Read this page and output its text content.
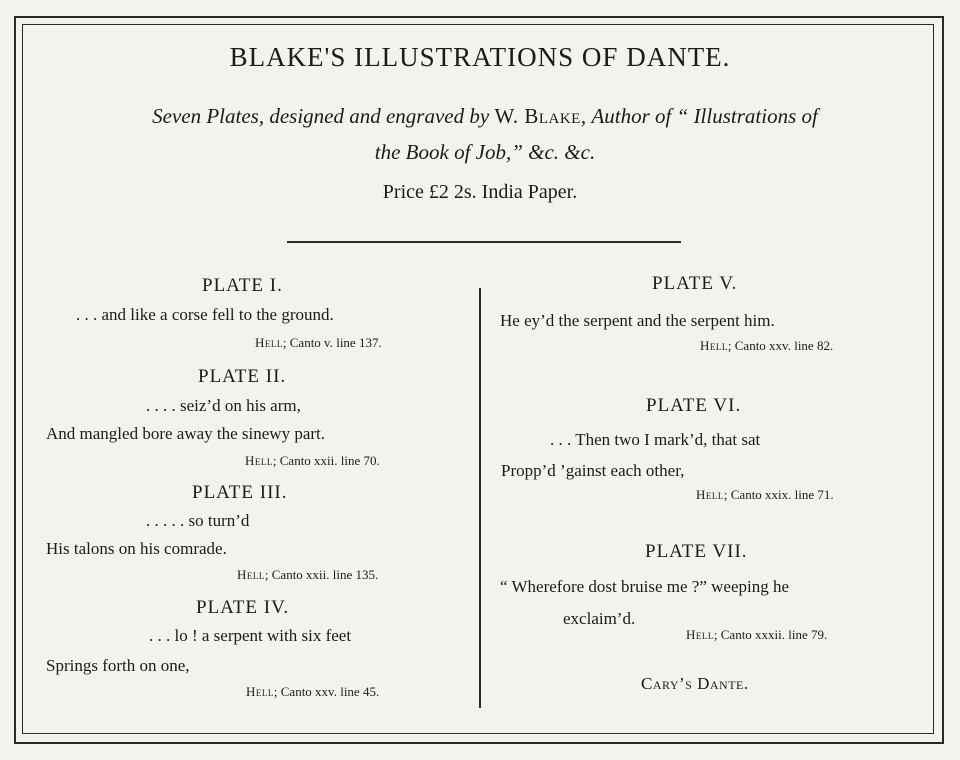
BLAKE'S ILLUSTRATIONS OF DANTE.
Seven Plates, designed and engraved by W. Blake, Author of “ Illustrations of
the Book of Job,” &c. &c.
Price £2 2s. India Paper.
PLATE I.
. . . and like a corse fell to the ground.
Hell; Canto v. line 137.
PLATE II.
. . . . seiz’d on his arm,
And mangled bore away the sinewy part.
Hell; Canto xxii. line 70.
PLATE III.
. . . . . so turn’d
His talons on his comrade.
Hell; Canto xxii. line 135.
PLATE IV.
. . . lo ! a serpent with six feet
Springs forth on one,
Hell; Canto xxv. line 45.
PLATE V.
He ey’d the serpent and the serpent him.
Hell; Canto xxv. line 82.
PLATE VI.
. . . Then two I mark’d, that sat
Propp’d ’gainst each other,
Hell; Canto xxix. line 71.
PLATE VII.
“ Wherefore dost bruise me ?” weeping he
exclaim’d.
Hell; Canto xxxii. line 79.
Cary’s Dante.
